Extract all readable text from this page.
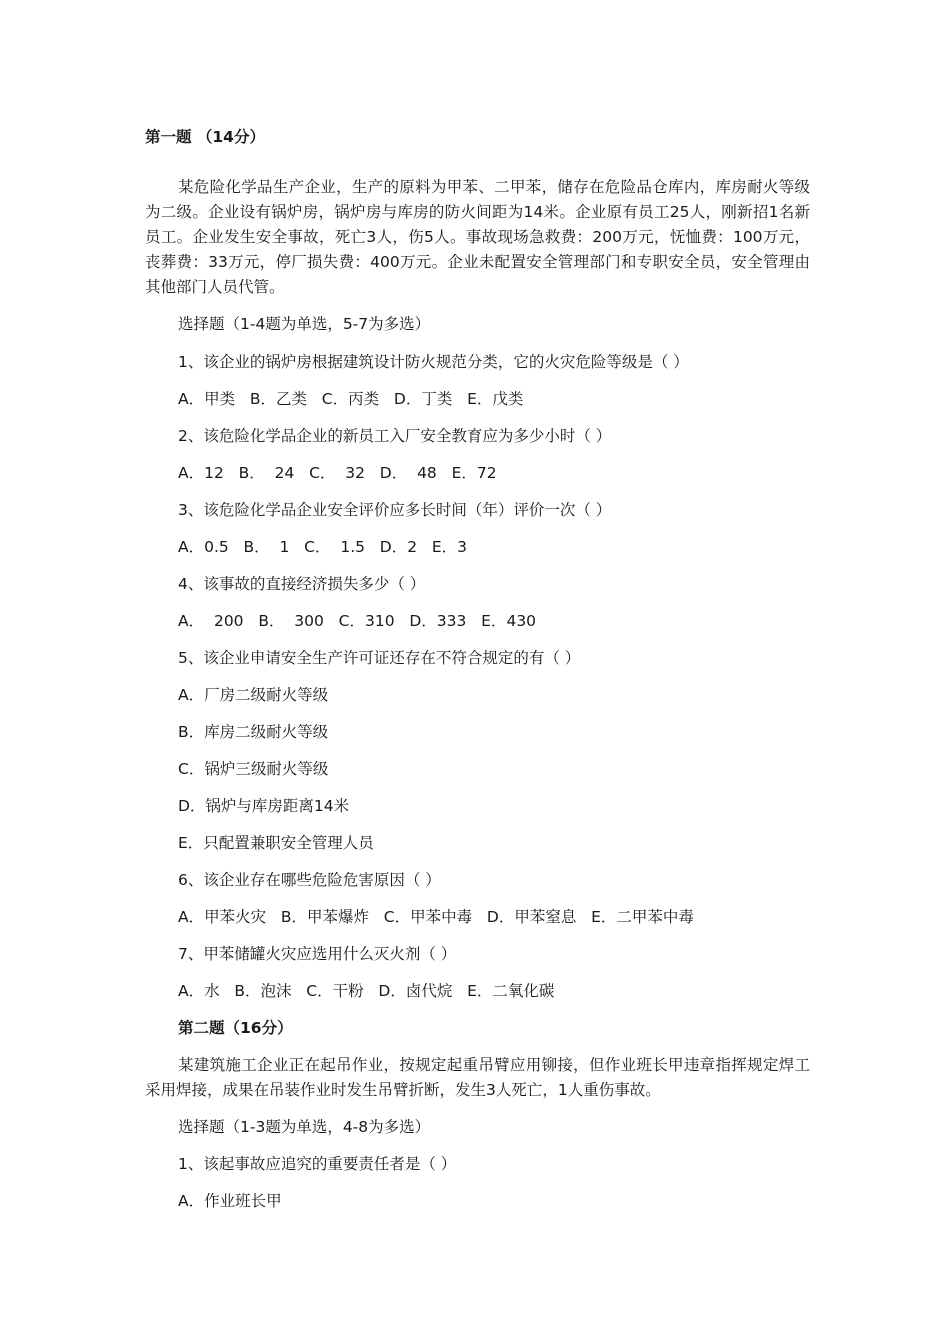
第一题 （14分）

某危险化学品生产企业，生产的原料为甲苯、二甲苯，储存在危险品仓库内，库房耐火等级为二级。企业设有锅炉房，锅炉房与库房的防火间距为14米。企业原有员工25人，刚新招1名新员工。企业发生安全事故，死亡3人，伤5人。事故现场急救费：200万元，怃恤费：100万元，丧葬费：33万元，停厂损失费：400万元。企业未配置安全管理部门和专职安全员，安全管理由其他部门人员代管。

选择题（1-4题为单选，5-7为多选）

1、该企业的锅炉房根据建筑设计防火规范分类，它的火灾危险等级是（ ）

A．甲类   B．乙类   C．丙类   D．丁类   E．戊类

2、该危险化学品企业的新员工入厂安全教育应为多少小时（ ）

A．12   B．  24   C．  32   D．  48   E．72

3、该危险化学品企业安全评价应多长时间（年）评价一次（ ）

A．0.5   B．  1   C．  1.5   D．2   E．3

4、该事故的直接经济损失多少（ ）

A．  200   B．  300   C．310   D．333   E．430

5、该企业申请安全生产许可证还存在不符合规定的有（ ）

A．厂房二级耐火等级

B．库房二级耐火等级

C．锅炉三级耐火等级

D．锅炉与库房距离14米

E．只配置兼职安全管理人员

6、该企业存在哪些危险危害原因（ ）

A．甲苯火灾   B．甲苯爆炸   C．甲苯中毒   D．甲苯窒息   E．二甲苯中毒

7、甲苯储罐火灾应选用什么灭火剂（ ）

A．水   B．泡沫   C．干粉   D．卤代烷   E．二氧化碳

第二题（16分）

某建筑施工企业正在起吊作业，按规定起重吊臂应用铆接，但作业班长甲违章指挥规定焊工采用焊接，成果在吊装作业时发生吊臂折断，发生3人死亡，1人重伤事故。

选择题（1-3题为单选，4-8为多选）

1、该起事故应追究的重要责任者是（ ）

A．作业班长甲
